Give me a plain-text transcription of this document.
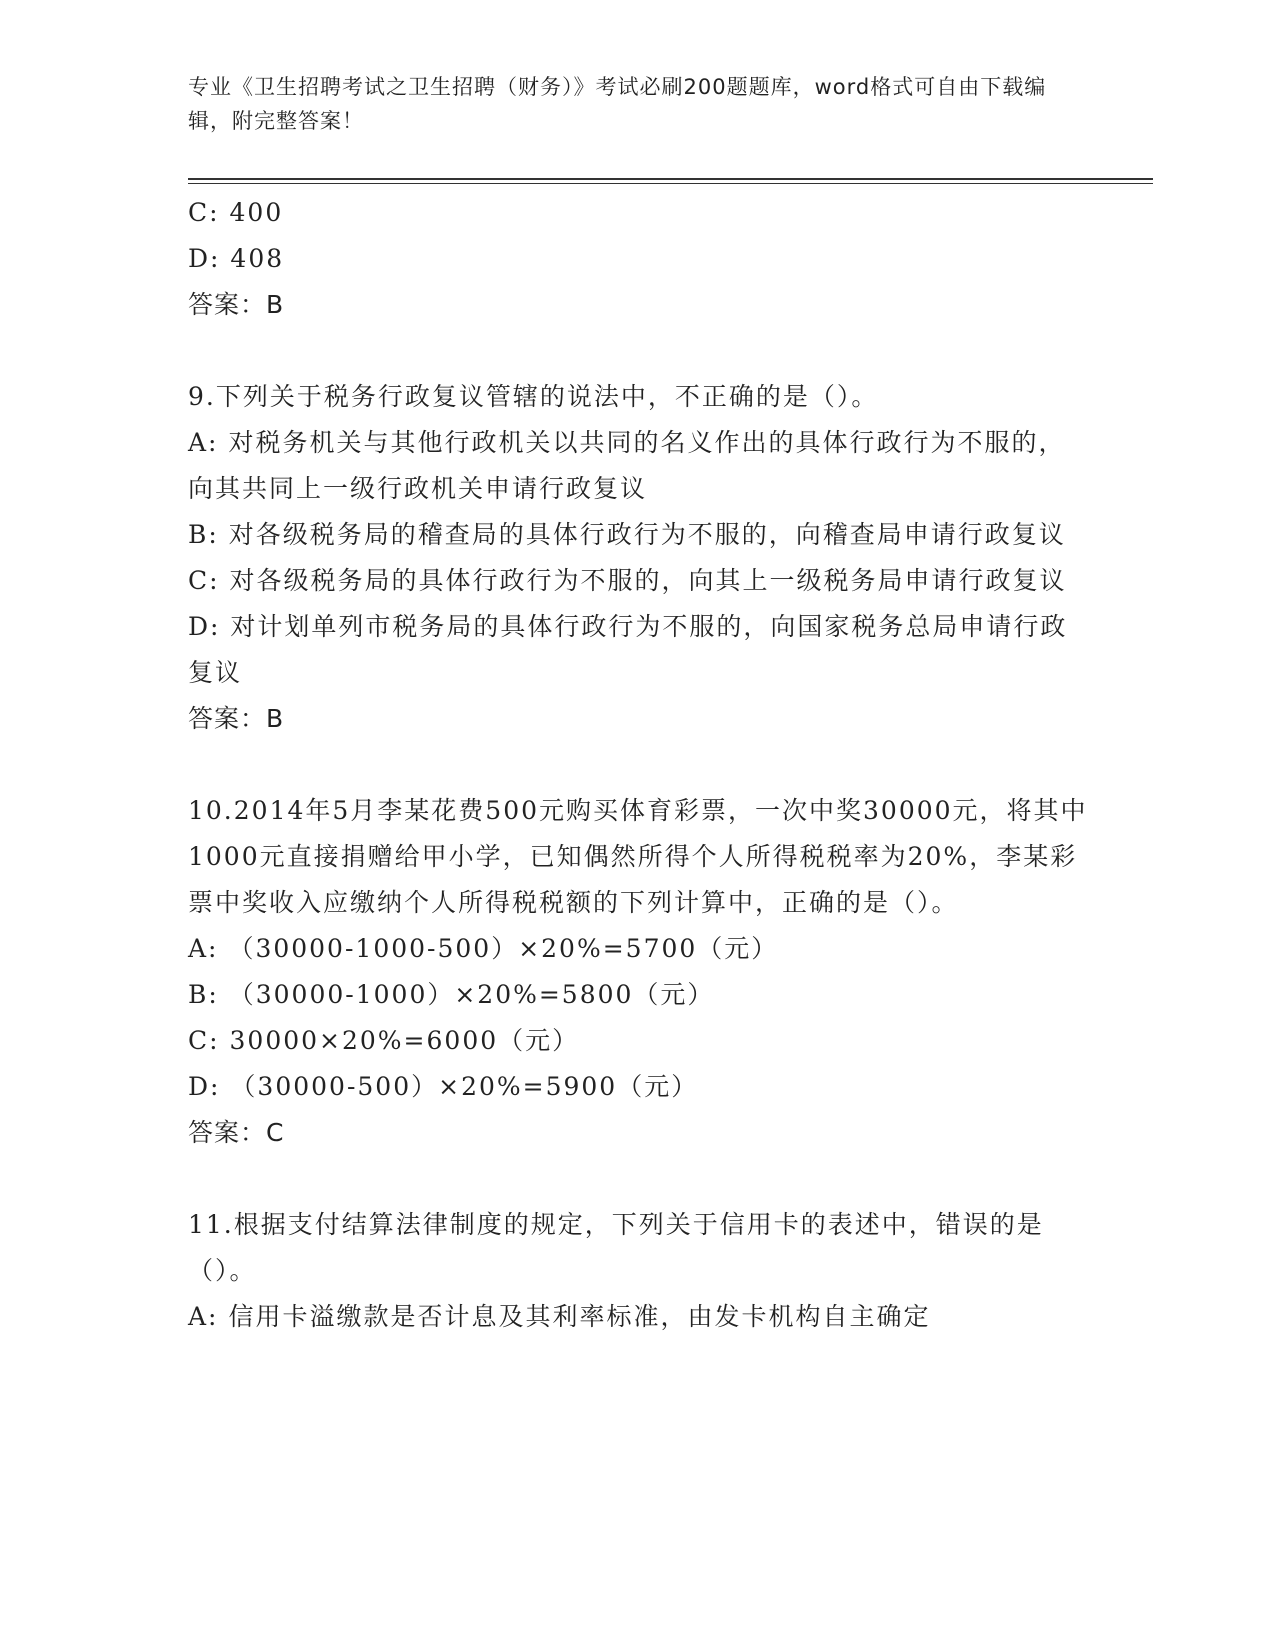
专业《卫生招聘考试之卫生招聘（财务）》考试必刷200题题库，word格式可自由下载编辑，附完整答案！
C: 400
D: 408
答案：B
9.下列关于税务行政复议管辖的说法中，不正确的是（）。
A: 对税务机关与其他行政机关以共同的名义作出的具体行政行为不服的，向其共同上一级行政机关申请行政复议
B: 对各级税务局的稽查局的具体行政行为不服的，向稽查局申请行政复议
C: 对各级税务局的具体行政行为不服的，向其上一级税务局申请行政复议
D: 对计划单列市税务局的具体行政行为不服的，向国家税务总局申请行政复议
答案：B
10.2014年5月李某花费500元购买体育彩票，一次中奖30000元，将其中1000元直接捐赠给甲小学，已知偶然所得个人所得税税率为20%，李某彩票中奖收入应缴纳个人所得税税额的下列计算中，正确的是（）。
A: （30000-1000-500）×20%=5700（元）
B: （30000-1000）×20%=5800（元）
C: 30000×20%=6000（元）
D: （30000-500）×20%=5900（元）
答案：C
11.根据支付结算法律制度的规定，下列关于信用卡的表述中，错误的是（）。
A: 信用卡溢缴款是否计息及其利率标准，由发卡机构自主确定
